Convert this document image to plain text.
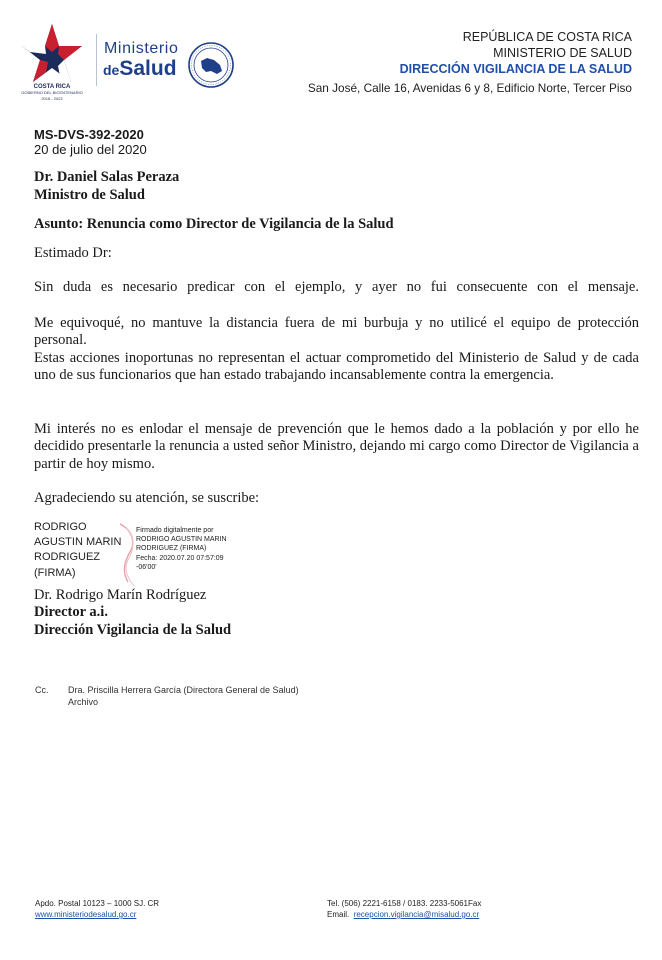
COSTA RICA
GOBIERNO DEL BICENTENARIO
2018 - 2022
Ministerio
deSalud
REPÚBLICA DE COSTA RICA
MINISTERIO DE SALUD
DIRECCIÓN VIGILANCIA DE LA SALUD
San José, Calle 16, Avenidas 6 y 8, Edificio Norte, Tercer Piso
MS-DVS-392-2020
20 de julio del 2020
Dr. Daniel Salas Peraza
Ministro de Salud
Asunto: Renuncia como Director de Vigilancia de la Salud
Estimado Dr:
Sin duda es necesario predicar con el ejemplo, y ayer no fui consecuente con el mensaje.
Me equivoqué, no mantuve la distancia fuera de mi burbuja y no utilicé el equipo de protección personal.
Estas acciones inoportunas no representan el actuar comprometido del Ministerio de Salud y de cada uno de sus funcionarios que han estado trabajando incansablemente contra la emergencia.
Mi interés no es enlodar el mensaje de prevención que le hemos dado a la población y por ello he decidido presentarle la renuncia a usted señor Ministro, dejando mi cargo como Director de Vigilancia a partir de hoy mismo.
Agradeciendo su atención, se suscribe:
RODRIGO
AGUSTIN MARIN
RODRIGUEZ
(FIRMA)
Firmado digitalmente por
RODRIGO AGUSTIN MARIN
RODRIGUEZ (FIRMA)
Fecha: 2020.07.20 07:57:09
-06'00'
Dr. Rodrigo Marín Rodríguez
Director a.i.
Dirección Vigilancia de la Salud
Cc. Dra. Priscilla Herrera García (Directora General de Salud)
Archivo
Apdo. Postal 10123 – 1000 SJ. CR
www.ministeriodesalud.go.cr
Tel. (506) 2221-6158 / 0183. 2233-5061Fax
Email. recepcion.vigilancia@misalud.go.cr
